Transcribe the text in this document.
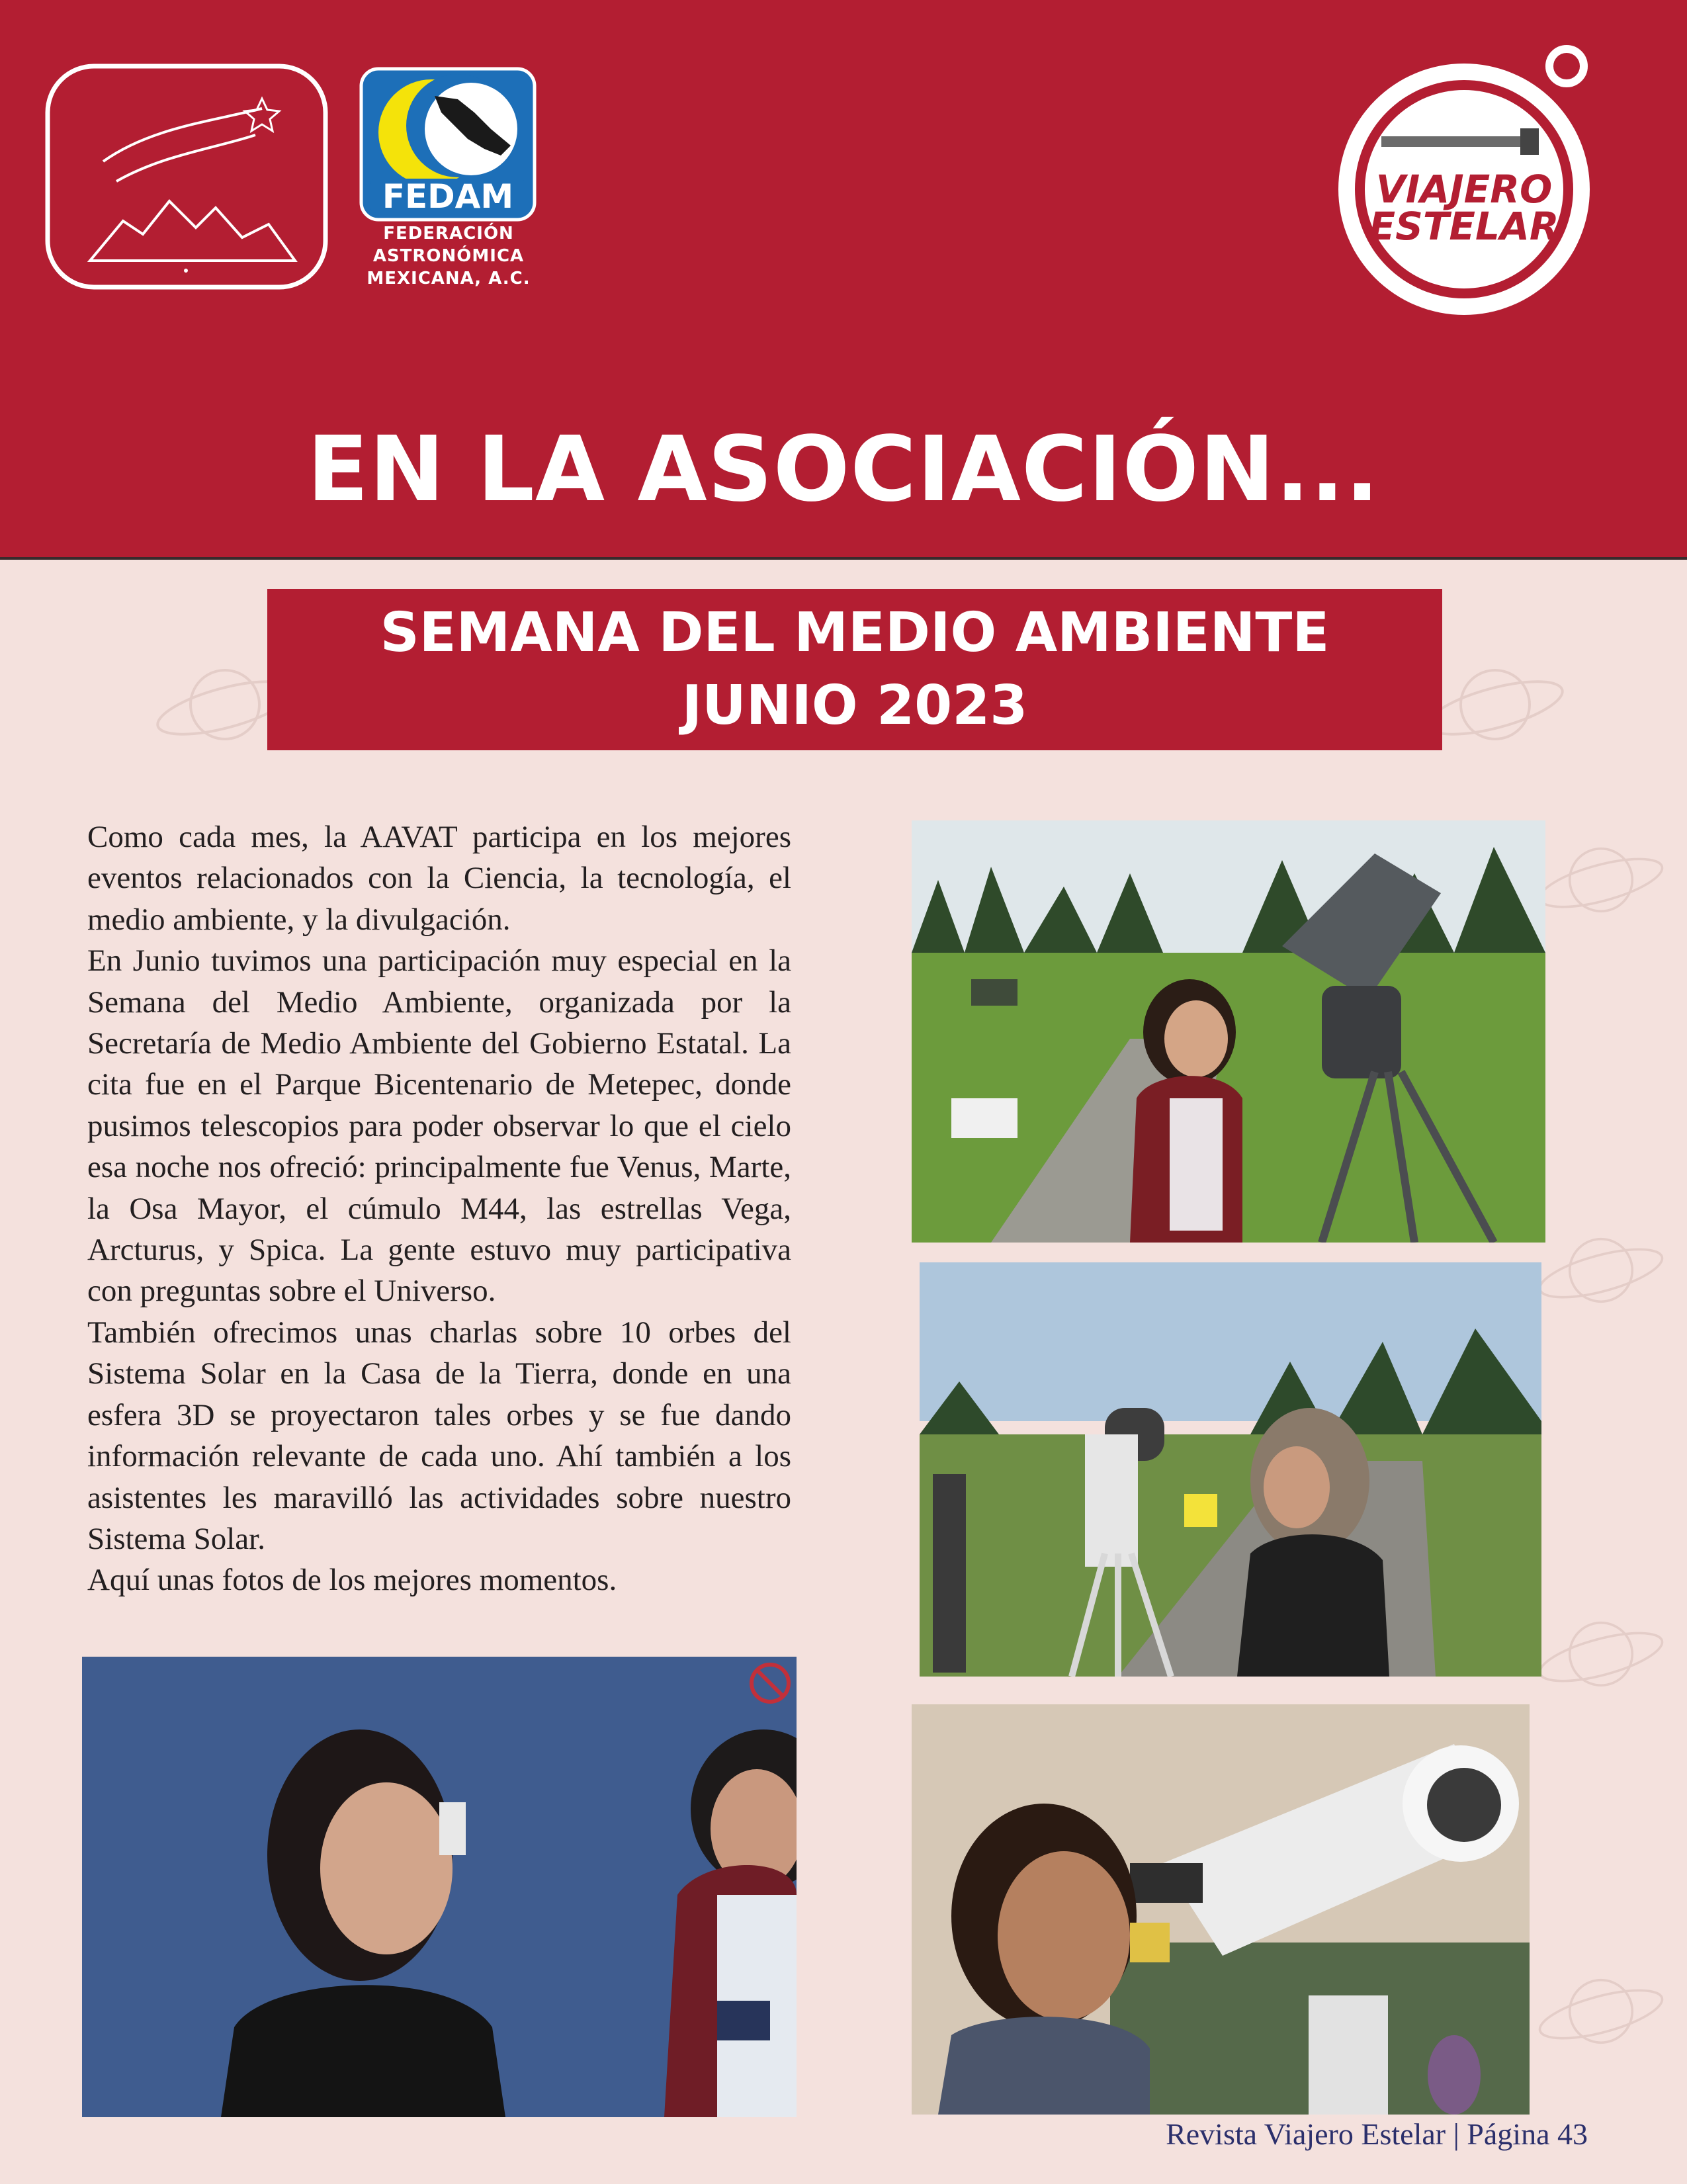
FEDAM
FEDERACIÓN
ASTRONÓMICA
MEXICANA, A.C.
VIAJERO
ESTELAR
EN LA ASOCIACIÓN...
SEMANA DEL MEDIO AMBIENTE
JUNIO 2023

Como cada mes, la AAVAT participa en los mejores eventos relacionados con la Ciencia, la tecnología, el medio ambiente, y la divulgación.

En Junio tuvimos una participación muy especial en la Semana del Medio Ambiente, organizada por la Secretaría de Medio Ambiente del Gobierno Estatal. La cita fue en el Parque Bicentenario de Metepec, donde pusimos telescopios para poder observar lo que el cielo esa noche nos ofreció: principalmente fue Venus, Marte, la Osa Mayor, el cúmulo M44, las estrellas Vega, Arcturus, y Spica. La gente estuvo muy participativa con preguntas sobre el Universo.

También ofrecimos unas charlas sobre 10 orbes del Sistema Solar en la Casa de la Tierra, donde en una esfera 3D se proyectaron tales orbes y se fue dando información relevante de cada uno. Ahí también a los asistentes les maravilló las actividades sobre nuestro Sistema Solar.

Aquí unas fotos de los mejores momentos.

Revista Viajero Estelar | Página 43
